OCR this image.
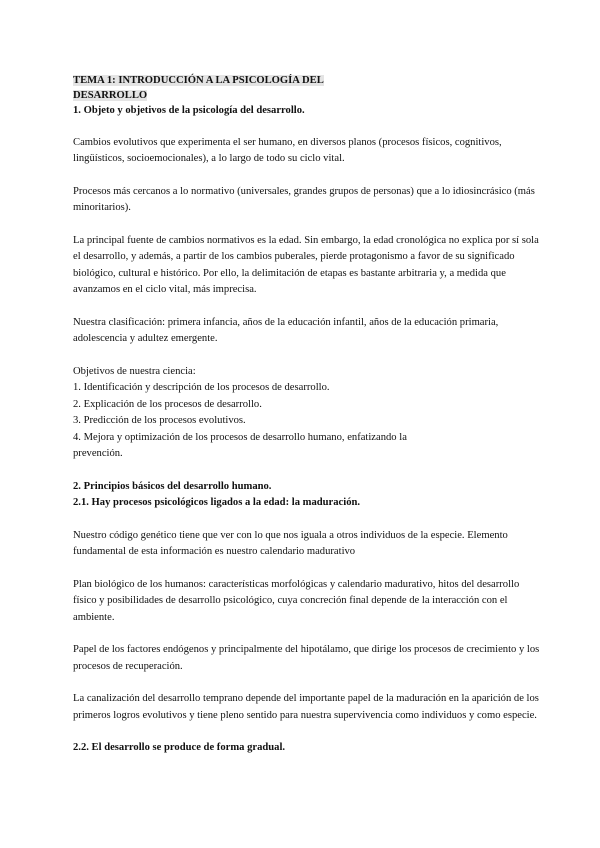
TEMA 1: INTRODUCCIÓN A LA PSICOLOGÍA DEL
DESARROLLO

1. Objeto y objetivos de la psicología del desarrollo.

Cambios evolutivos que experimenta el ser humano, en diversos planos (procesos físicos, cognitivos, lingüísticos, socioemocionales), a lo largo de todo su ciclo vital.

Procesos más cercanos a lo normativo (universales, grandes grupos de personas) que a lo idiosincrásico (más minoritarios).

La principal fuente de cambios normativos es la edad. Sin embargo, la edad cronológica no explica por sí sola el desarrollo, y además, a partir de los cambios puberales, pierde protagonismo a favor de su significado biológico, cultural e histórico. Por ello, la delimitación de etapas es bastante arbitraria y, a medida que avanzamos en el ciclo vital, más imprecisa.

Nuestra clasificación: primera infancia, años de la educación infantil, años de la educación primaria, adolescencia y adultez emergente.

Objetivos de nuestra ciencia:

1. Identificación y descripción de los procesos de desarrollo.

2. Explicación de los procesos de desarrollo.

3. Predicción de los procesos evolutivos.

4. Mejora y optimización de los procesos de desarrollo humano, enfatizando la prevención.

2. Principios básicos del desarrollo humano.

2.1. Hay procesos psicológicos ligados a la edad: la maduración.

Nuestro código genético tiene que ver con lo que nos iguala a otros individuos de la especie. Elemento fundamental de esta información es nuestro calendario madurativo

Plan biológico de los humanos: características morfológicas y calendario madurativo, hitos del desarrollo físico y posibilidades de desarrollo psicológico, cuya concreción final depende de la interacción con el ambiente.

Papel de los factores endógenos y principalmente del hipotálamo, que dirige los procesos de crecimiento y los procesos de recuperación.

La canalización del desarrollo temprano depende del importante papel de la maduración en la aparición de los primeros logros evolutivos y tiene pleno sentido para nuestra supervivencia como individuos y como especie.

2.2. El desarrollo se produce de forma gradual.
